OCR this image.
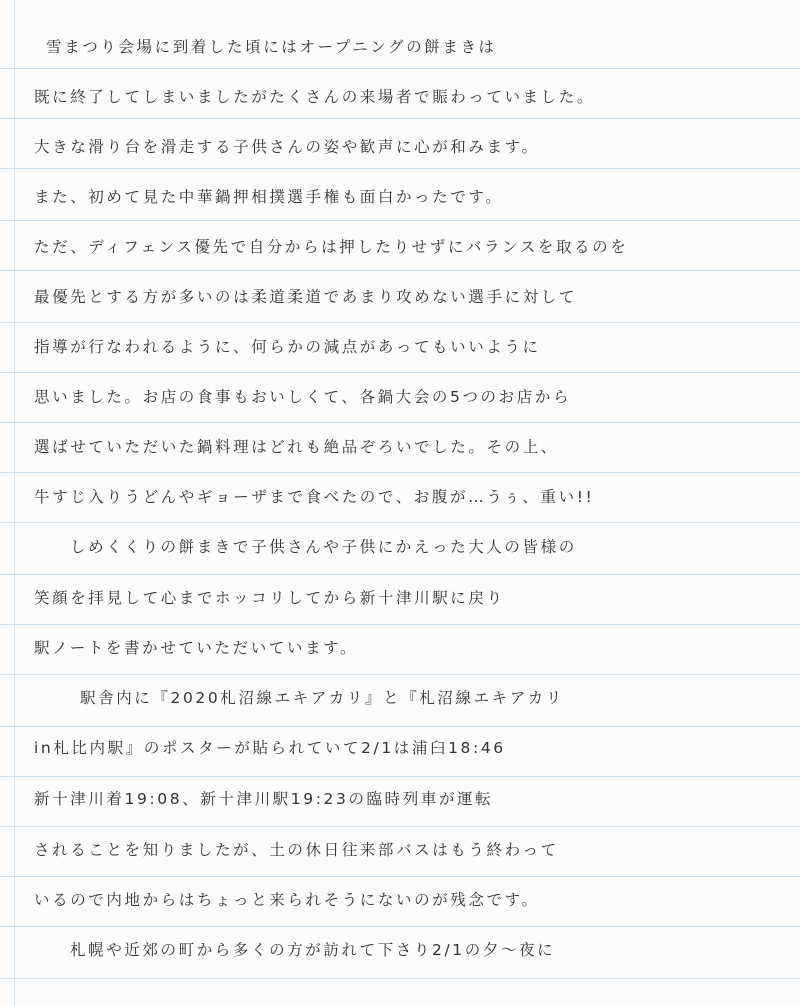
雪まつり会場に到着した頃にはオープニングの餅まきは
既に終了してしまいましたがたくさんの来場者で賑わっていました。
大きな滑り台を滑走する子供さんの姿や歓声に心が和みます。
また、初めて見た中華鍋押相撲選手権も面白かったです。
ただ、ディフェンス優先で自分からは押したりせずにバランスを取るのを
最優先とする方が多いのは柔道柔道であまり攻めない選手に対して
指導が行なわれるように、何らかの減点があってもいいように
思いました。お店の食事もおいしくて、各鍋大会の5つのお店から
選ばせていただいた鍋料理はどれも絶品ぞろいでした。その上、
牛すじ入りうどんやギョーザまで食べたので、お腹が…うぅ、重い!!
しめくくりの餅まきで子供さんや子供にかえった大人の皆様の
笑顔を拝見して心までホッコリしてから新十津川駅に戻り
駅ノートを書かせていただいています。
駅舎内に『2020札沼線エキアカリ』と『札沼線エキアカリ
in札比内駅』のポスターが貼られていて2/1は浦臼18:46
新十津川着19:08、新十津川駅19:23の臨時列車が運転
されることを知りましたが、土の休日往来部バスはもう終わって
いるので内地からはちょっと来られそうにないのが残念です。
札幌や近郊の町から多くの方が訪れて下さり2/1の夕～夜に
